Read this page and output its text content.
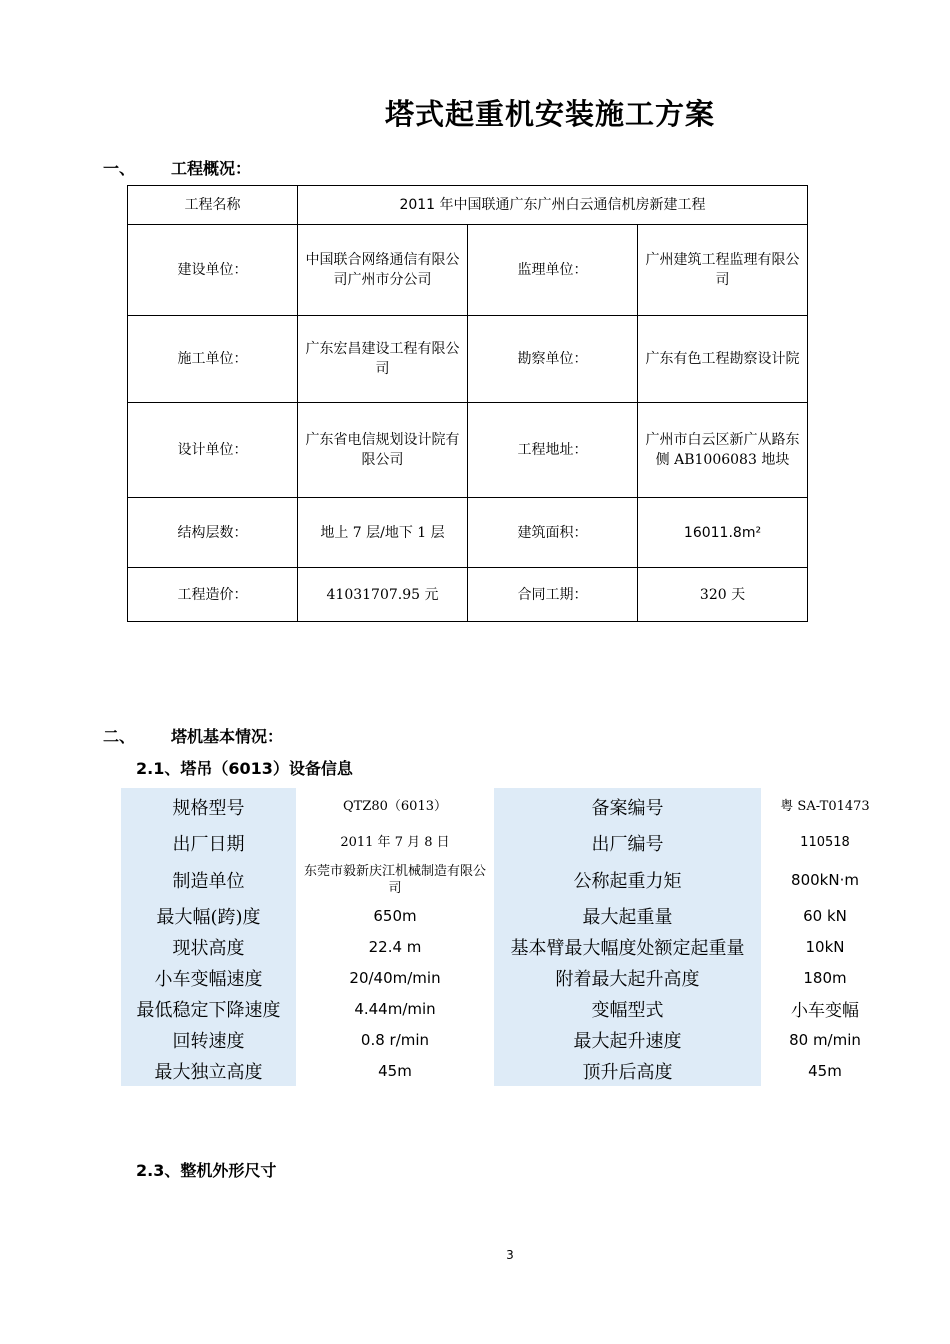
塔式起重机安装施工方案
一、 工程概况：
工程名称	2011 年中国联通广东广州白云通信机房新建工程		
建设单位：	中国联合网络通信有限公司广州市分公司	监理单位：	广州建筑工程监理有限公司
施工单位：	广东宏昌建设工程有限公司	勘察单位：	广东有色工程勘察设计院
设计单位：	广东省电信规划设计院有限公司	工程地址：	广州市白云区新广从路东侧 AB1006083 地块
结构层数：	地上 7 层/地下 1 层	建筑面积：	16011.8m²
工程造价：	41031707.95 元	合同工期：	320 天
二、 塔机基本情况：
2.1、塔吊（6013）设备信息
规格型号	QTZ80（6013）	备案编号	粤 SA-T01473
出厂日期	2011 年 7 月 8 日	出厂编号	110518
制造单位	东莞市毅新庆江机械制造有限公司	公称起重力矩	800kN·m
最大幅(跨)度	650m	最大起重量	60 kN
现状高度	22.4 m	基本臂最大幅度处额定起重量	10kN
小车变幅速度	20/40m/min	附着最大起升高度	180m
最低稳定下降速度	4.44m/min	变幅型式	小车变幅
回转速度	0.8 r/min	最大起升速度	80 m/min
最大独立高度	45m	顶升后高度	45m
2.3、整机外形尺寸
3
